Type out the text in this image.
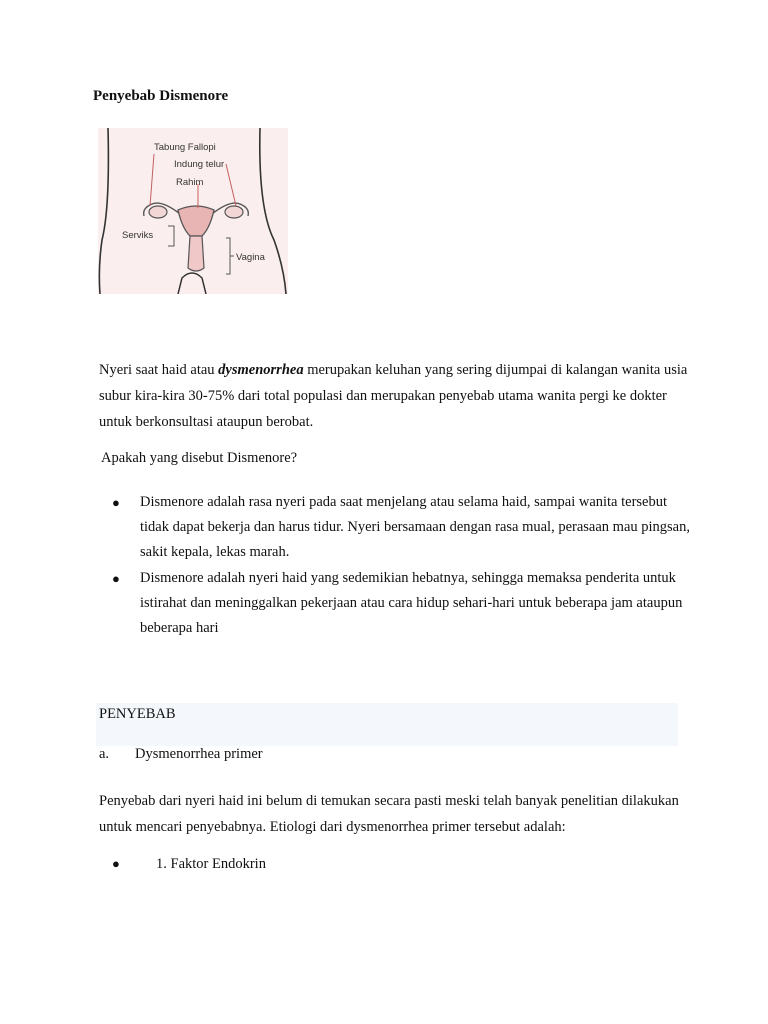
Penyebab Dismenore
Tabung Fallopi
Indung telur
Rahim
Serviks
Vagina
Nyeri saat haid atau dysmenorrhea merupakan keluhan yang sering dijumpai di kalangan wanita usia subur kira-kira 30-75% dari total populasi dan merupakan penyebab utama wanita pergi ke dokter untuk berkonsultasi ataupun berobat.
Apakah yang disebut Dismenore?
● Dismenore adalah rasa nyeri pada saat menjelang atau selama haid, sampai wanita tersebut tidak dapat bekerja dan harus tidur. Nyeri bersamaan dengan rasa mual, perasaan mau pingsan, sakit kepala, lekas marah.
● Dismenore adalah nyeri haid yang sedemikian hebatnya, sehingga memaksa penderita untuk istirahat dan meninggalkan pekerjaan atau cara hidup sehari-hari untuk beberapa jam ataupun beberapa hari
PENYEBAB
a. Dysmenorrhea primer
Penyebab dari nyeri haid ini belum di temukan secara pasti meski telah banyak penelitian dilakukan untuk mencari penyebabnya. Etiologi dari dysmenorrhea primer tersebut adalah:
● 1. Faktor Endokrin
